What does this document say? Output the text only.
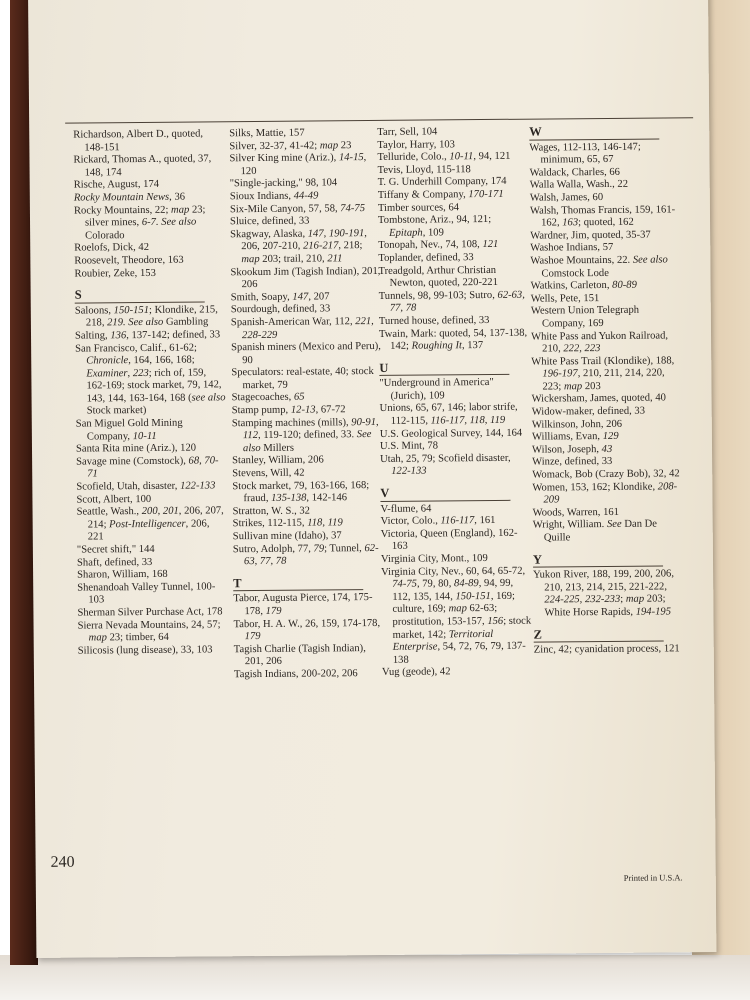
Richardson, Albert D., quoted, 148-151

Rickard, Thomas A., quoted, 37, 148, 174

Rische, August, 174

Rocky Mountain News, 36

Rocky Mountains, 22; map 23; silver mines, 6-7. See also Colorado

Roelofs, Dick, 42

Roosevelt, Theodore, 163

Roubier, Zeke, 153

S

Saloons, 150-151; Klondike, 215, 218, 219. See also Gambling

Salting, 136, 137-142; defined, 33

San Francisco, Calif., 61-62; Chronicle, 164, 166, 168; Examiner, 223; rich of, 159, 162-169; stock market, 79, 142, 143, 144, 163-164, 168 (see also Stock market)

San Miguel Gold Mining Company, 10-11

Santa Rita mine (Ariz.), 120

Savage mine (Comstock), 68, 70-71

Scofield, Utah, disaster, 122-133

Scott, Albert, 100

Seattle, Wash., 200, 201, 206, 207, 214; Post-Intelligencer, 206, 221

"Secret shift," 144

Shaft, defined, 33

Sharon, William, 168

Shenandoah Valley Tunnel, 100-103

Sherman Silver Purchase Act, 178

Sierra Nevada Mountains, 24, 57; map 23; timber, 64

Silicosis (lung disease), 33, 103

Silks, Mattie, 157

Silver, 32-37, 41-42; map 23

Silver King mine (Ariz.), 14-15, 120

"Single-jacking," 98, 104

Sioux Indians, 44-49

Six-Mile Canyon, 57, 58, 74-75

Sluice, defined, 33

Skagway, Alaska, 147, 190-191, 206, 207-210, 216-217, 218; map 203; trail, 210, 211

Skookum Jim (Tagish Indian), 201, 206

Smith, Soapy, 147, 207

Sourdough, defined, 33

Spanish-American War, 112, 221, 228-229

Spanish miners (Mexico and Peru), 90

Speculators: real-estate, 40; stock market, 79

Stagecoaches, 65

Stamp pump, 12-13, 67-72

Stamping machines (mills), 90-91, 112, 119-120; defined, 33. See also Millers

Stanley, William, 206

Stevens, Will, 42

Stock market, 79, 163-166, 168; fraud, 135-138, 142-146

Stratton, W. S., 32

Strikes, 112-115, 118, 119

Sullivan mine (Idaho), 37

Sutro, Adolph, 77, 79; Tunnel, 62-63, 77, 78

T

Tabor, Augusta Pierce, 174, 175-178, 179

Tabor, H. A. W., 26, 159, 174-178, 179

Tagish Charlie (Tagish Indian), 201, 206

Tagish Indians, 200-202, 206

Tarr, Sell, 104

Taylor, Harry, 103

Telluride, Colo., 10-11, 94, 121

Tevis, Lloyd, 115-118

T. G. Underhill Company, 174

Tiffany & Company, 170-171

Timber sources, 64

Tombstone, Ariz., 94, 121; Epitaph, 109

Tonopah, Nev., 74, 108, 121

Toplander, defined, 33

Treadgold, Arthur Christian Newton, quoted, 220-221

Tunnels, 98, 99-103; Sutro, 62-63, 77, 78

Turned house, defined, 33

Twain, Mark: quoted, 54, 137-138, 142; Roughing It, 137

U

"Underground in America" (Jurich), 109

Unions, 65, 67, 146; labor strife, 112-115, 116-117, 118, 119

U.S. Geological Survey, 144, 164

U.S. Mint, 78

Utah, 25, 79; Scofield disaster, 122-133

V

V-flume, 64

Victor, Colo., 116-117, 161

Victoria, Queen (England), 162-163

Virginia City, Mont., 109

Virginia City, Nev., 60, 64, 65-72, 74-75, 79, 80, 84-89, 94, 99, 112, 135, 144, 150-151, 169; culture, 169; map 62-63; prostitution, 153-157, 156; stock market, 142; Territorial Enterprise, 54, 72, 76, 79, 137-138

Vug (geode), 42

W

Wages, 112-113, 146-147; minimum, 65, 67

Waldack, Charles, 66

Walla Walla, Wash., 22

Walsh, James, 60

Walsh, Thomas Francis, 159, 161-162, 163; quoted, 162

Wardner, Jim, quoted, 35-37

Washoe Indians, 57

Washoe Mountains, 22. See also Comstock Lode

Watkins, Carleton, 80-89

Wells, Pete, 151

Western Union Telegraph Company, 169

White Pass and Yukon Railroad, 210, 222, 223

White Pass Trail (Klondike), 188, 196-197, 210, 211, 214, 220, 223; map 203

Wickersham, James, quoted, 40

Widow-maker, defined, 33

Wilkinson, John, 206

Williams, Evan, 129

Wilson, Joseph, 43

Winze, defined, 33

Womack, Bob (Crazy Bob), 32, 42

Women, 153, 162; Klondike, 208-209

Woods, Warren, 161

Wright, William. See Dan De Quille

Y

Yukon River, 188, 199, 200, 206, 210, 213, 214, 215, 221-222, 224-225, 232-233; map 203; White Horse Rapids, 194-195

Z

Zinc, 42; cyanidation process, 121

240
Printed in U.S.A.
